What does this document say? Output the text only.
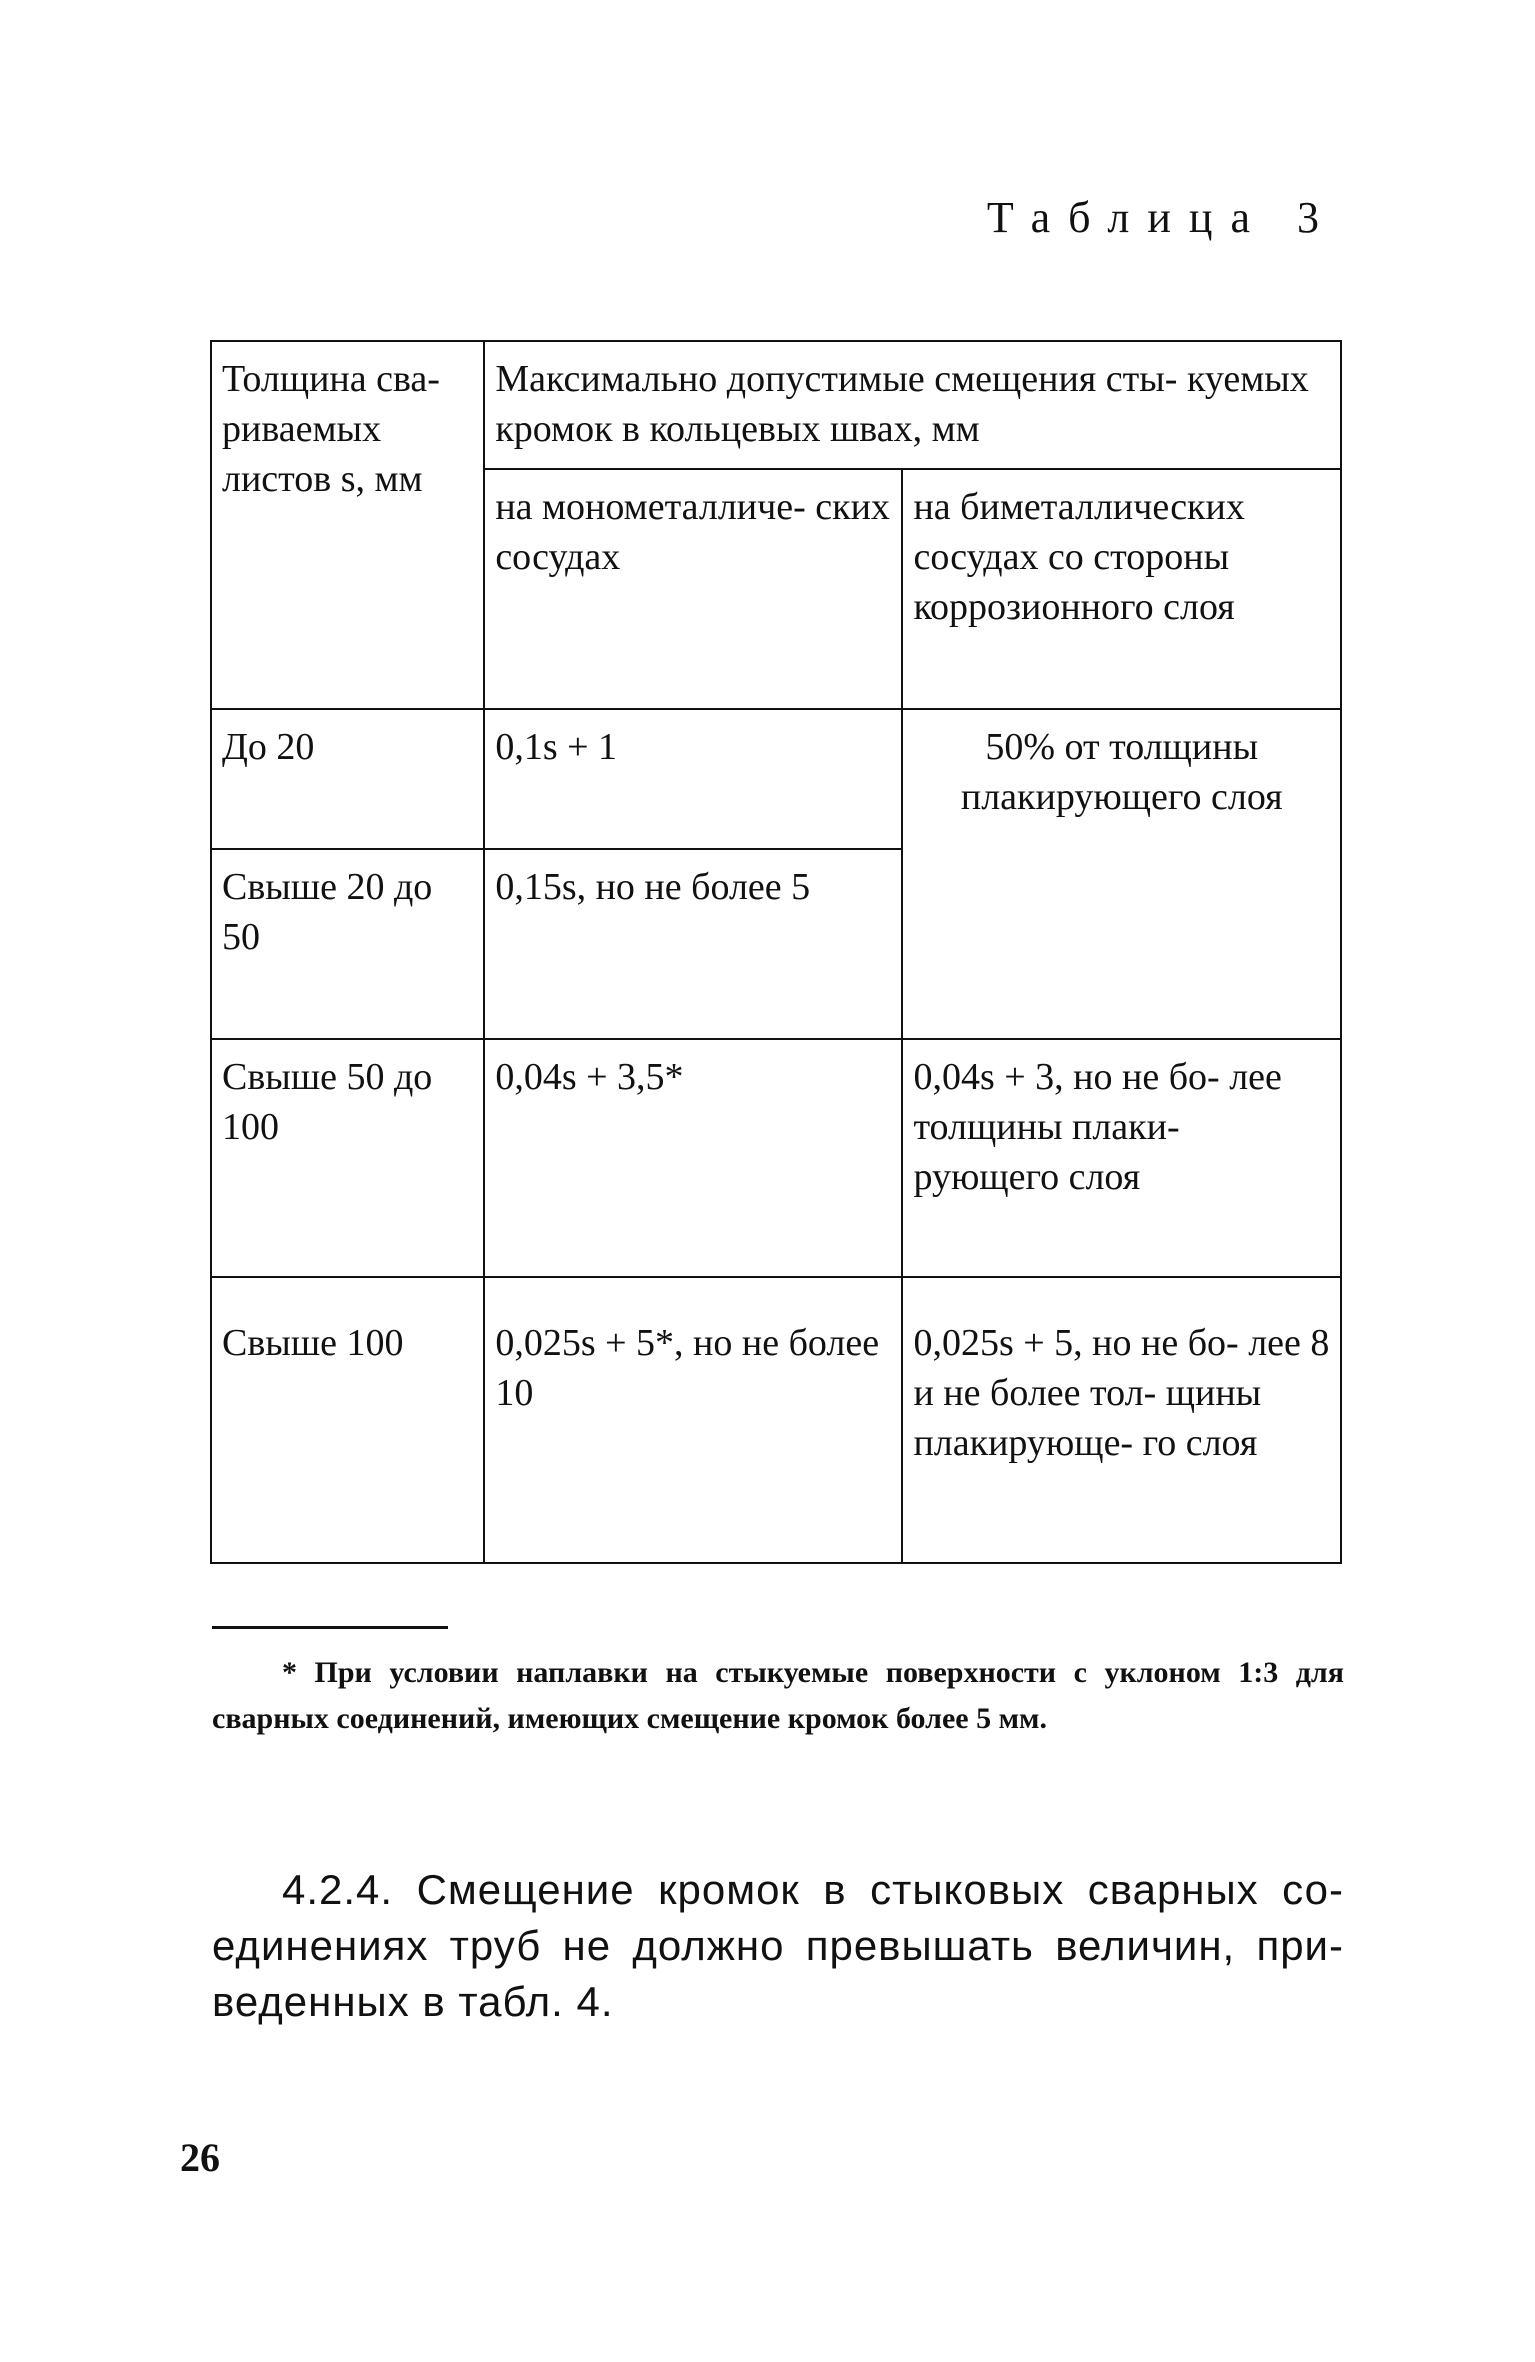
Таблица 3
Толщина сва- риваемых листов s, мм	Максимально допустимые смещения сты- куемых кромок в кольцевых швах, мм	
	на монометалличе- ских сосудах	на биметаллических сосудах со стороны коррозионного слоя
До 20	0,1s + 1	50% от толщины плакирующего слоя
Свыше 20 до 50	0,15s, но не более 5	
Свыше 50 до 100	0,04s + 3,5*	0,04s + 3, но не бо- лее толщины плаки- рующего слоя
Свыше 100	0,025s + 5*, но не более 10	0,025s + 5, но не бо- лее 8 и не более тол- щины плакирующе- го слоя
* При условии наплавки на стыкуемые поверхности с уклоном 1:3 для сварных соединений, имеющих смещение кромок более 5 мм.
4.2.4. Смещение кромок в стыковых сварных со- единениях труб не должно превышать величин, при- веденных в табл. 4.
26
